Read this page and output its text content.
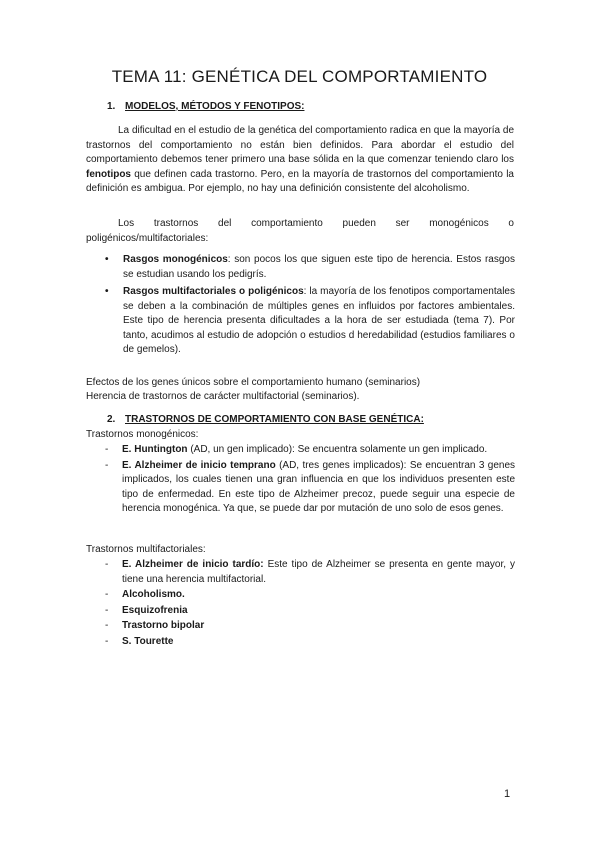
TEMA 11: GENÉTICA DEL COMPORTAMIENTO
1. MODELOS, MÉTODOS Y FENOTIPOS:

La dificultad en el estudio de la genética del comportamiento radica en que la mayoría de trastornos del comportamiento no están bien definidos. Para abordar el estudio del comportamiento debemos tener primero una base sólida en la que comenzar teniendo claro los fenotipos que definen cada trastorno. Pero, en la mayoría de trastornos del comportamiento la definición es ambigua. Por ejemplo, no hay una definición consistente del alcoholismo.

Los trastornos del comportamiento pueden ser monogénicos o poligénicos/multifactoriales:

• Rasgos monogénicos: son pocos los que siguen este tipo de herencia. Estos rasgos se estudian usando los pedigrís.
• Rasgos multifactoriales o poligénicos: la mayoría de los fenotipos comportamentales se deben a la combinación de múltiples genes en influidos por factores ambientales. Este tipo de herencia presenta dificultades a la hora de ser estudiada (tema 7). Por tanto, acudimos al estudio de adopción o estudios d heredabilidad (estudios familiares o de gemelos).

Efectos de los genes únicos sobre el comportamiento humano (seminarios)

Herencia de trastornos de carácter multifactorial (seminarios).

2. TRASTORNOS DE COMPORTAMIENTO CON BASE GENÉTICA:

Trastornos monogénicos:

- E. Huntington (AD, un gen implicado): Se encuentra solamente un gen implicado.
- E. Alzheimer de inicio temprano (AD, tres genes implicados): Se encuentran 3 genes implicados, los cuales tienen una gran influencia en que los individuos presenten este tipo de enfermedad. En este tipo de Alzheimer precoz, puede seguir una especie de herencia monogénica. Ya que, se puede dar por mutación de uno solo de esos genes.

Trastornos multifactoriales:

- E. Alzheimer de inicio tardío: Este tipo de Alzheimer se presenta en gente mayor, y tiene una herencia multifactorial.
- Alcoholismo.
- Esquizofrenia
- Trastorno bipolar
- S. Tourette
1
